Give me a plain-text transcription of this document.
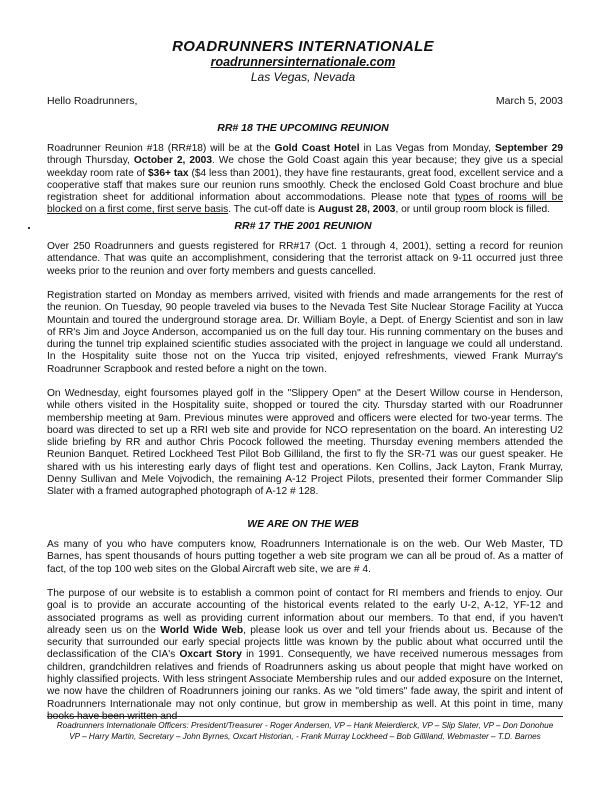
ROADRUNNERS INTERNATIONALE
roadrunnersinternationale.com
Las Vegas, Nevada
Hello Roadrunners,	March 5, 2003
RR# 18 THE UPCOMING REUNION
Roadrunner Reunion #18 (RR#18) will be at the Gold Coast Hotel in Las Vegas from Monday, September 29 through Thursday, October 2, 2003. We chose the Gold Coast again this year because; they give us a special weekday room rate of $36+ tax ($4 less than 2001), they have fine restaurants, great food, excellent service and a cooperative staff that makes sure our reunion runs smoothly. Check the enclosed Gold Coast brochure and blue registration sheet for additional information about accommodations. Please note that types of rooms will be blocked on a first come, first serve basis. The cut-off date is August 28, 2003, or until group room block is filled.
RR# 17 THE 2001 REUNION
Over 250 Roadrunners and guests registered for RR#17 (Oct. 1 through 4, 2001), setting a record for reunion attendance. That was quite an accomplishment, considering that the terrorist attack on 9-11 occurred just three weeks prior to the reunion and over forty members and guests cancelled.
Registration started on Monday as members arrived, visited with friends and made arrangements for the rest of the reunion. On Tuesday, 90 people traveled via buses to the Nevada Test Site Nuclear Storage Facility at Yucca Mountain and toured the underground storage area. Dr. William Boyle, a Dept. of Energy Scientist and son in law of RR's Jim and Joyce Anderson, accompanied us on the full day tour. His running commentary on the buses and during the tunnel trip explained scientific studies associated with the project in language we could all understand. In the Hospitality suite those not on the Yucca trip visited, enjoyed refreshments, viewed Frank Murray's Roadrunner Scrapbook and rested before a night on the town.
On Wednesday, eight foursomes played golf in the "Slippery Open" at the Desert Willow course in Henderson, while others visited in the Hospitality suite, shopped or toured the city. Thursday started with our Roadrunner membership meeting at 9am. Previous minutes were approved and officers were elected for two-year terms. The board was directed to set up a RRI web site and provide for NCO representation on the board. An interesting U2 slide briefing by RR and author Chris Pocock followed the meeting. Thursday evening members attended the Reunion Banquet. Retired Lockheed Test Pilot Bob Gilliland, the first to fly the SR-71 was our guest speaker. He shared with us his interesting early days of flight test and operations. Ken Collins, Jack Layton, Frank Murray, Denny Sullivan and Mele Vojvodich, the remaining A-12 Project Pilots, presented their former Commander Slip Slater with a framed autographed photograph of A-12 # 128.
WE ARE ON THE WEB
As many of you who have computers know, Roadrunners Internationale is on the web. Our Web Master, TD Barnes, has spent thousands of hours putting together a web site program we can all be proud of. As a matter of fact, of the top 100 web sites on the Global Aircraft web site, we are # 4.
The purpose of our website is to establish a common point of contact for RI members and friends to enjoy. Our goal is to provide an accurate accounting of the historical events related to the early U-2, A-12, YF-12 and associated programs as well as providing current information about our members. To that end, if you haven't already seen us on the World Wide Web, please look us over and tell your friends about us. Because of the security that surrounded our early special projects little was known by the public about what occurred until the declassification of the CIA's Oxcart Story in 1991. Consequently, we have received numerous messages from children, grandchildren relatives and friends of Roadrunners asking us about people that might have worked on highly classified projects. With less stringent Associate Membership rules and our added exposure on the Internet, we now have the children of Roadrunners joining our ranks. As we "old timers" fade away, the spirit and intent of Roadrunners Internationale may not only continue, but grow in membership as well. At this point in time, many books have been written and
Roadrunners Internationale Officers: President/Treasurer - Roger Andersen, VP – Hank Meierdierck, VP – Slip Slater, VP – Don Donohue
VP – Harry Martin, Secretary – John Byrnes, Oxcart Historian, - Frank Murray Lockheed – Bob Gilliland, Webmaster – T.D. Barnes
